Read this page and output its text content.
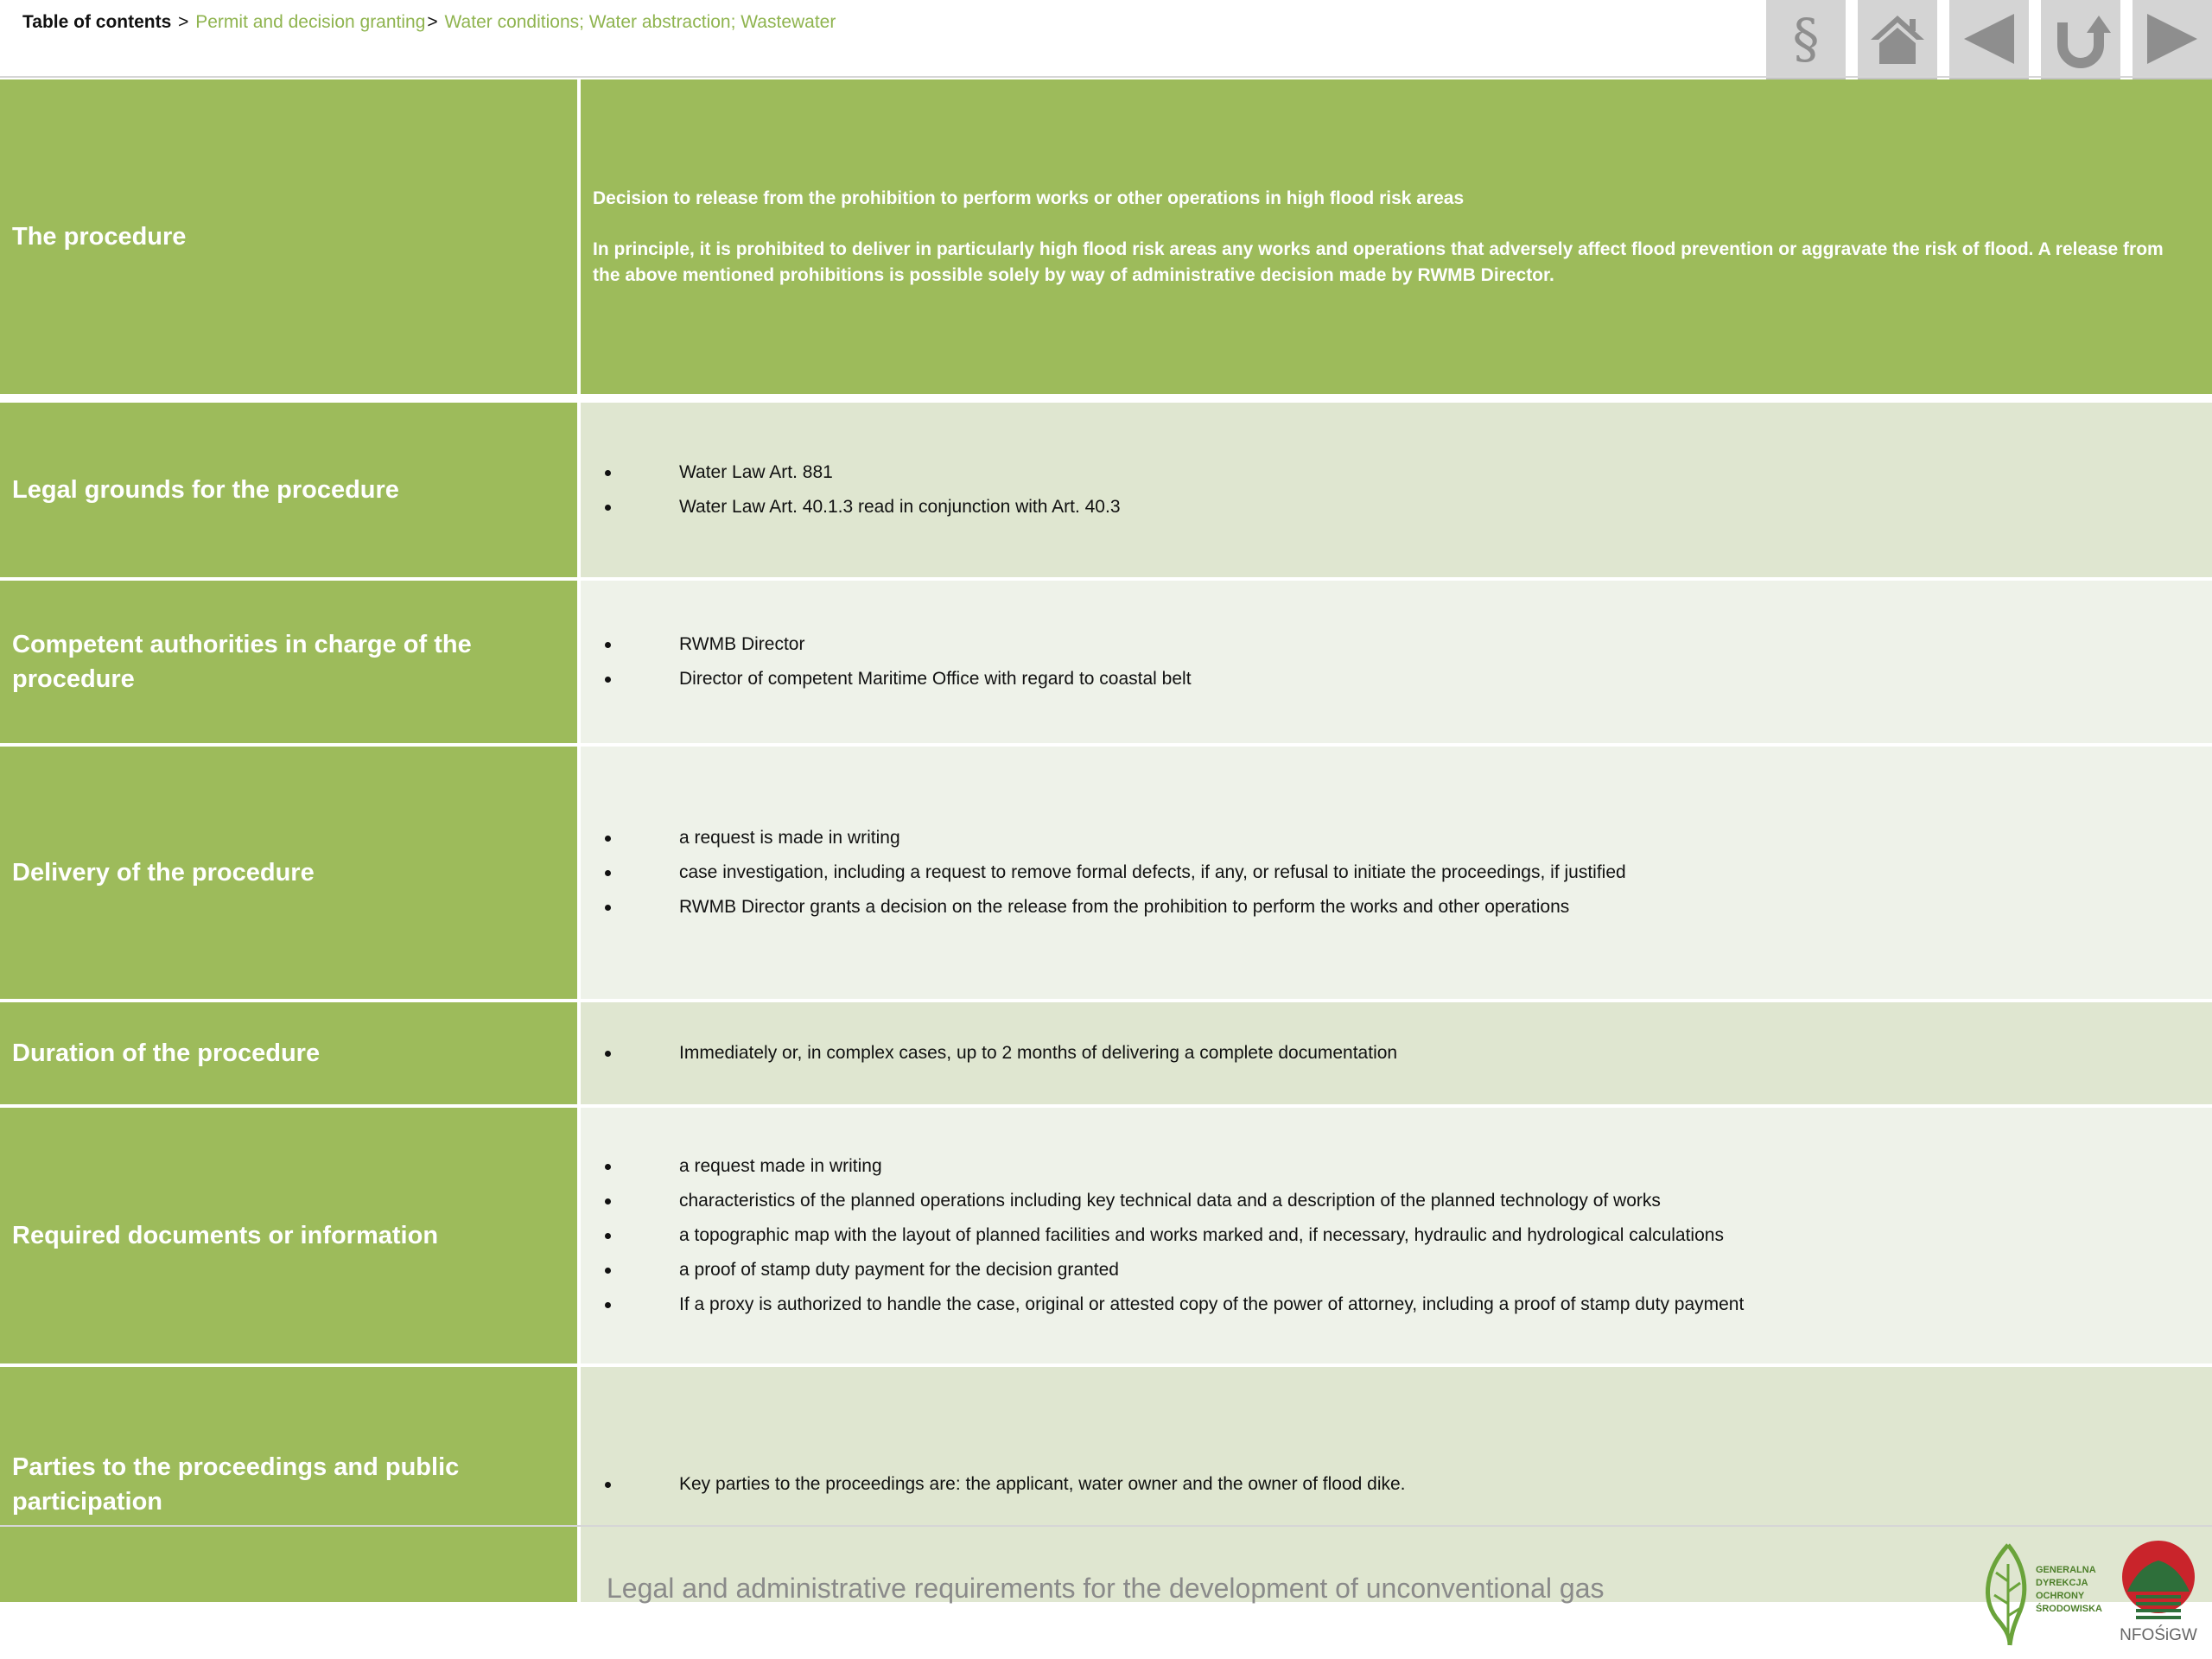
Table of contents > Permit and decision granting> Water conditions; Water abstraction; Wastewater	§
The procedure

Decision to release from the prohibition to perform works or other operations in high flood risk areas

In principle, it is prohibited to deliver in particularly high flood risk areas any works and operations that adversely affect flood prevention or aggravate the risk of flood. A release from the above mentioned prohibitions is possible solely by way of administrative decision made by RWMB Director.

Legal grounds for the procedure
Water Law Art. 881
Water Law Art. 40.1.3 read in conjunction with Art. 40.3
Competent authorities in charge of the procedure
RWMB Director
Director of competent Maritime Office with regard to coastal belt
Delivery of the procedure
a request is made in writing
case investigation, including a request to remove formal defects, if any, or refusal to initiate the proceedings, if justified
RWMB Director grants a decision on the release from the prohibition to perform the works and other operations
Duration of the procedure	Immediately or, in complex cases, up to 2 months of delivering a complete documentation
Required documents or information
a request made in writing
characteristics of the planned operations including key technical data and a description of the planned technology of works
a topographic map with the layout of planned facilities and works marked and, if necessary, hydraulic and hydrological calculations
a proof of stamp duty payment for the decision granted
If a proxy is authorized to handle the case, original or attested copy of the power of attorney, including a proof of stamp duty payment
Parties to the proceedings and public participation
Key parties to the proceedings are: the applicant, water owner and the owner of flood dike.
Legal and administrative requirements for the development of unconventional gas
GENERALNA
DYREKCJA
OCHRONY
ŚRODOWISKA
NFOŚiGW
